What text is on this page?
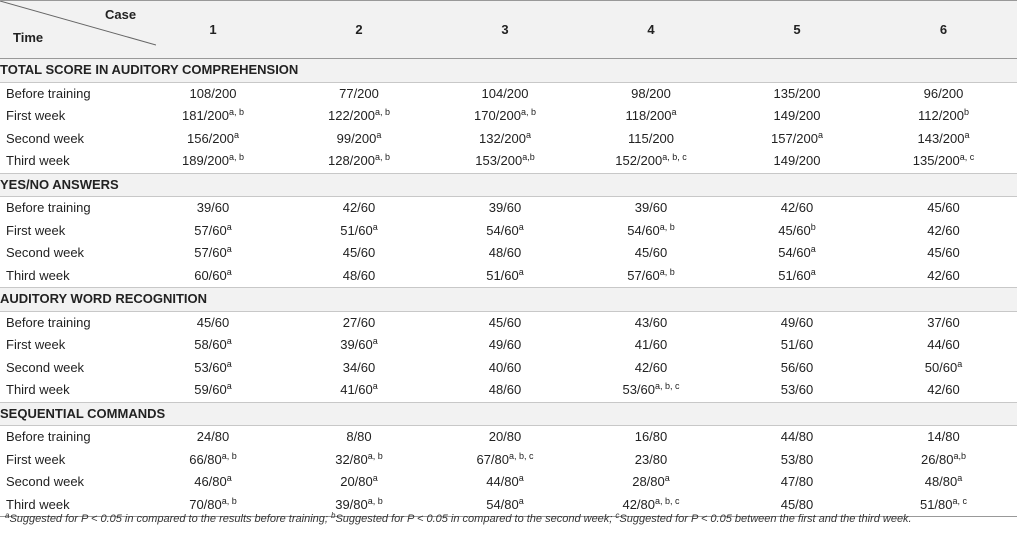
Case
Time	1	2	3	4	5	6
TOTAL SCORE IN AUDITORY COMPREHENSION						
Before training	108/200	77/200	104/200	98/200	135/200	96/200
First week	181/200$^{a, b}$	122/200$^{a, b}$	170/200$^{a, b}$	118/200$^a$	149/200	112/200$^b$
Second week	156/200$^a$	99/200$^a$	132/200$^a$	115/200	157/200$^a$	143/200$^a$
Third week	189/200$^{a, b}$	128/200$^{a, b}$	153/200$^{a,b}$	152/200$^{a, b, c}$	149/200	135/200$^{a, c}$
YES/NO ANSWERS						
Before training	39/60	42/60	39/60	39/60	42/60	45/60
First week	57/60$^a$	51/60$^a$	54/60$^a$	54/60$^{a, b}$	45/60$^b$	42/60
Second week	57/60$^a$	45/60	48/60	45/60	54/60$^a$	45/60
Third week	60/60$^a$	48/60	51/60$^a$	57/60$^{a, b}$	51/60$^a$	42/60
AUDITORY WORD RECOGNITION						
Before training	45/60	27/60	45/60	43/60	49/60	37/60
First week	58/60$^a$	39/60$^a$	49/60	41/60	51/60	44/60
Second week	53/60$^a$	34/60	40/60	42/60	56/60	50/60$^a$
Third week	59/60$^a$	41/60$^a$	48/60	53/60$^{a, b, c}$	53/60	42/60
SEQUENTIAL COMMANDS						
Before training	24/80	8/80	20/80	16/80	44/80	14/80
First week	66/80$^{a, b}$	32/80$^{a, b}$	67/80$^{a, b, c}$	23/80	53/80	26/80$^{a,b}$
Second week	46/80$^a$	20/80$^a$	44/80$^a$	28/80$^a$	47/80	48/80$^a$
Third week	70/80$^{a, b}$	39/80$^{a, b}$	54/80$^a$	42/80$^{a, b, c}$	45/80	51/80$^{a, c}$
$^a$Suggested for P < 0.05 in compared to the results before training; $^b$Suggested for P < 0.05 in compared to the second week; $^c$Suggested for P < 0.05 between the first and the third week.
